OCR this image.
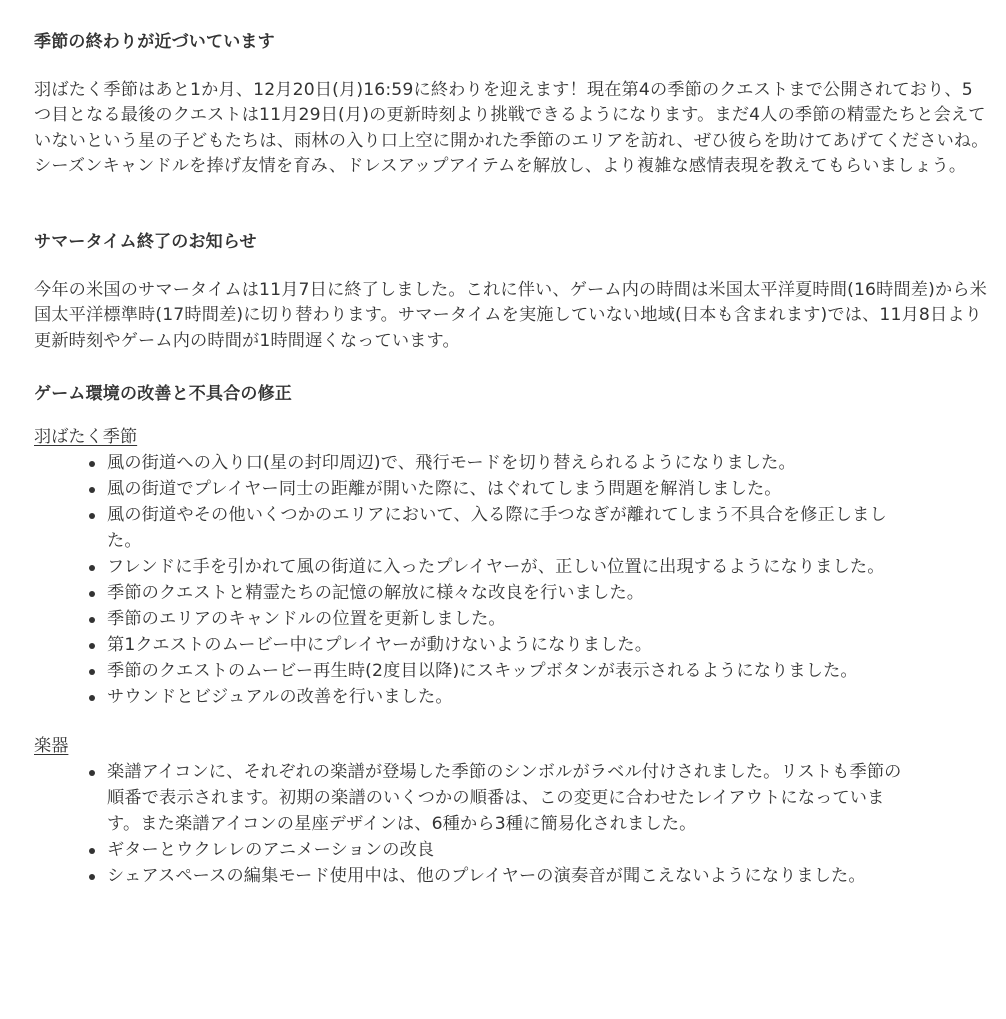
季節の終わりが近づいています

羽ばたく季節はあと1か月、12月20日(月)16:59に終わりを迎えます！現在第4の季節のクエストまで公開されており、5つ目となる最後のクエストは11月29日(月)の更新時刻より挑戦できるようになります。まだ4人の季節の精霊たちと会えていないという星の子どもたちは、雨林の入り口上空に開かれた季節のエリアを訪れ、ぜひ彼らを助けてあげてくださいね。シーズンキャンドルを捧げ友情を育み、ドレスアップアイテムを解放し、より複雑な感情表現を教えてもらいましょう。

サマータイム終了のお知らせ

今年の米国のサマータイムは11月7日に終了しました。これに伴い、ゲーム内の時間は米国太平洋夏時間(16時間差)から米国太平洋標準時(17時間差)に切り替わります。サマータイムを実施していない地域(日本も含まれます)では、11月8日より更新時刻やゲーム内の時間が1時間遅くなっています。

ゲーム環境の改善と不具合の修正
羽ばたく季節
風の街道への入り口(星の封印周辺)で、飛行モードを切り替えられるようになりました。
風の街道でプレイヤー同士の距離が開いた際に、はぐれてしまう問題を解消しました。
風の街道やその他いくつかのエリアにおいて、入る際に手つなぎが離れてしまう不具合を修正しました。
フレンドに手を引かれて風の街道に入ったプレイヤーが、正しい位置に出現するようになりました。
季節のクエストと精霊たちの記憶の解放に様々な改良を行いました。
季節のエリアのキャンドルの位置を更新しました。
第1クエストのムービー中にプレイヤーが動けないようになりました。
季節のクエストのムービー再生時(2度目以降)にスキップボタンが表示されるようになりました。
サウンドとビジュアルの改善を行いました。
楽器
楽譜アイコンに、それぞれの楽譜が登場した季節のシンボルがラベル付けされました。リストも季節の順番で表示されます。初期の楽譜のいくつかの順番は、この変更に合わせたレイアウトになっています。また楽譜アイコンの星座デザインは、6種から3種に簡易化されました。
ギターとウクレレのアニメーションの改良
シェアスペースの編集モード使用中は、他のプレイヤーの演奏音が聞こえないようになりました。
